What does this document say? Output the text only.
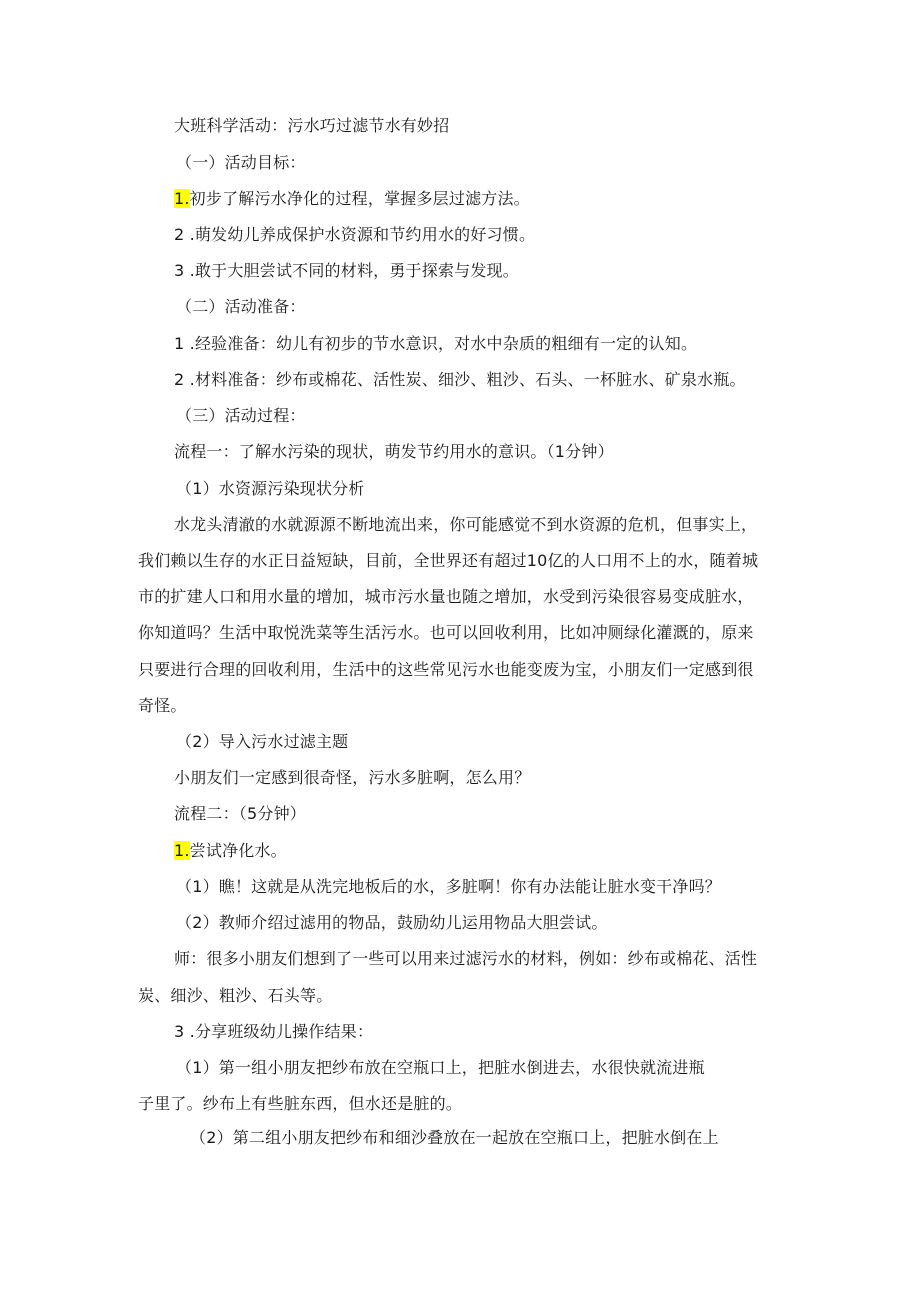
大班科学活动：污水巧过滤节水有妙招
（一）活动目标：
1.初步了解污水净化的过程，掌握多层过滤方法。
2 .萌发幼儿养成保护水资源和节约用水的好习惯。
3 .敢于大胆尝试不同的材料，勇于探索与发现。
（二）活动准备：
1 .经验准备：幼儿有初步的节水意识，对水中杂质的粗细有一定的认知。
2 .材料准备：纱布或棉花、活性炭、细沙、粗沙、石头、一杯脏水、矿泉水瓶。
（三）活动过程：
流程一：了解水污染的现状，萌发节约用水的意识。（1分钟）
（1）水资源污染现状分析
水龙头清澈的水就源源不断地流出来，你可能感觉不到水资源的危机，但事实上，
我们赖以生存的水正日益短缺，目前，全世界还有超过10亿的人口用不上的水，随着城
市的扩建人口和用水量的增加，城市污水量也随之增加，水受到污染很容易变成脏水，
你知道吗？生活中取悦洗菜等生活污水。也可以回收利用，比如冲厕绿化灌溉的，原来
只要进行合理的回收利用，生活中的这些常见污水也能变废为宝，小朋友们一定感到很
奇怪。
（2）导入污水过滤主题
小朋友们一定感到很奇怪，污水多脏啊，怎么用？
流程二：（5分钟）
1.尝试净化水。
（1）瞧！这就是从洗完地板后的水，多脏啊！你有办法能让脏水变干净吗？
（2）教师介绍过滤用的物品，鼓励幼儿运用物品大胆尝试。
师：很多小朋友们想到了一些可以用来过滤污水的材料，例如：纱布或棉花、活性
炭、细沙、粗沙、石头等。
3 .分享班级幼儿操作结果：
（1）第一组小朋友把纱布放在空瓶口上，把脏水倒进去，水很快就流进瓶
子里了。纱布上有些脏东西，但水还是脏的。
（2）第二组小朋友把纱布和细沙叠放在一起放在空瓶口上，把脏水倒在上
